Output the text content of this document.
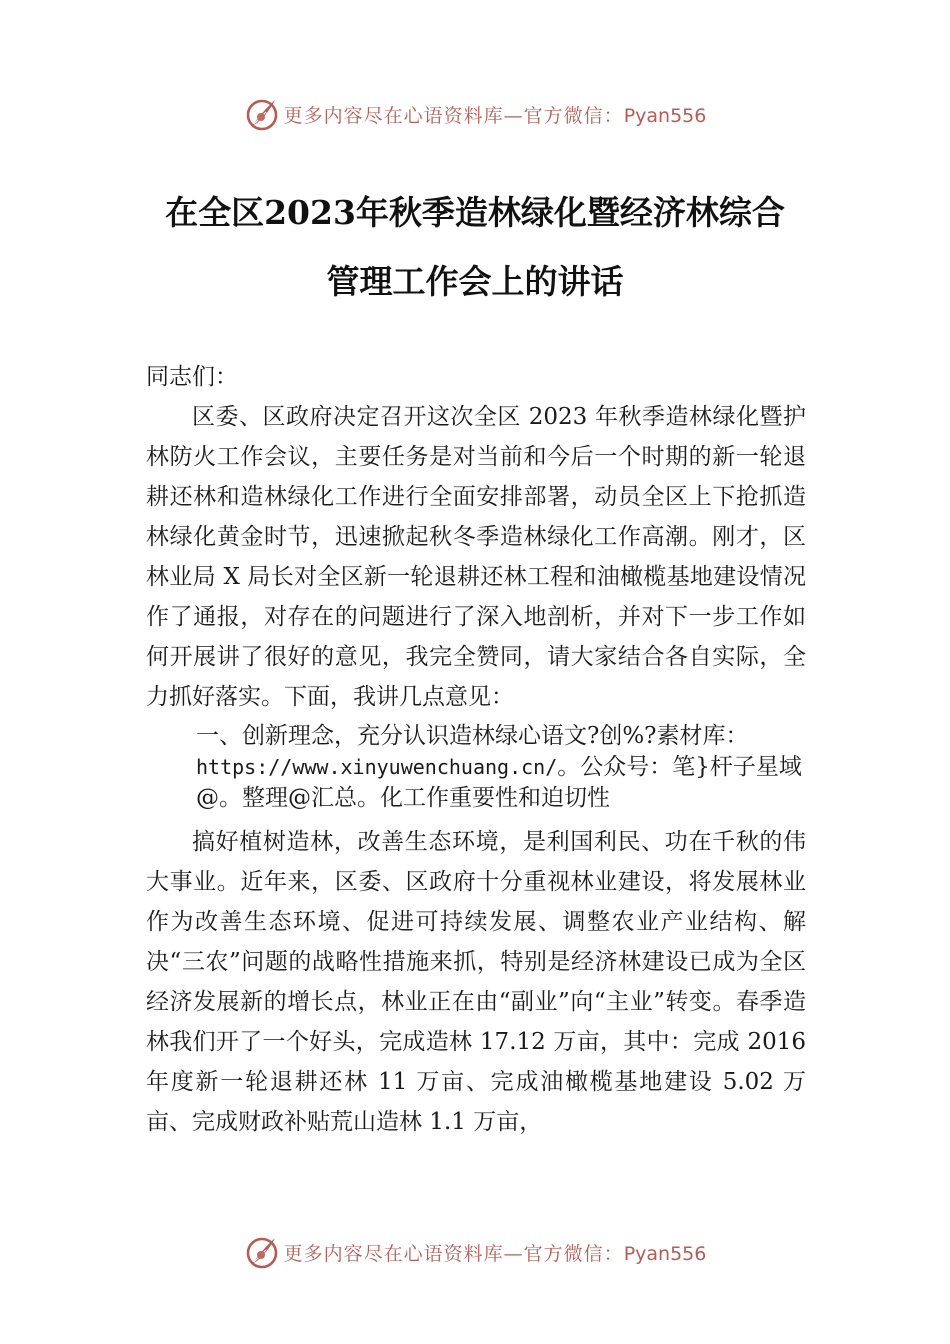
更多内容尽在心语资料库—官方微信：Pyan556
在全区2023年秋季造林绿化暨经济林综合
管理工作会上的讲话

同志们：

区委、区政府决定召开这次全区 2023 年秋季造林绿化暨护林防火工作会议，主要任务是对当前和今后一个时期的新一轮退耕还林和造林绿化工作进行全面安排部署，动员全区上下抢抓造林绿化黄金时节，迅速掀起秋冬季造林绿化工作高潮。刚才，区林业局 X 局长对全区新一轮退耕还林工程和油橄榄基地建设情况作了通报，对存在的问题进行了深入地剖析，并对下一步工作如何开展讲了很好的意见，我完全赞同，请大家结合各自实际，全力抓好落实。下面，我讲几点意见：

一、创新理念，充分认识造林绿心语文?创%?素材库：https://www.xinyuwenchuang.cn/。公众号：笔}杆子星域@。整理@汇总。化工作重要性和迫切性

搞好植树造林，改善生态环境，是利国利民、功在千秋的伟大事业。近年来，区委、区政府十分重视林业建设，将发展林业作为改善生态环境、促进可持续发展、调整农业产业结构、解决“三农”问题的战略性措施来抓，特别是经济林建设已成为全区经济发展新的增长点，林业正在由“副业”向“主业”转变。春季造林我们开了一个好头，完成造林 17.12 万亩，其中：完成 2016 年度新一轮退耕还林 11 万亩、完成油橄榄基地建设 5.02 万亩、完成财政补贴荒山造林 1.1 万亩，

更多内容尽在心语资料库—官方微信：Pyan556
